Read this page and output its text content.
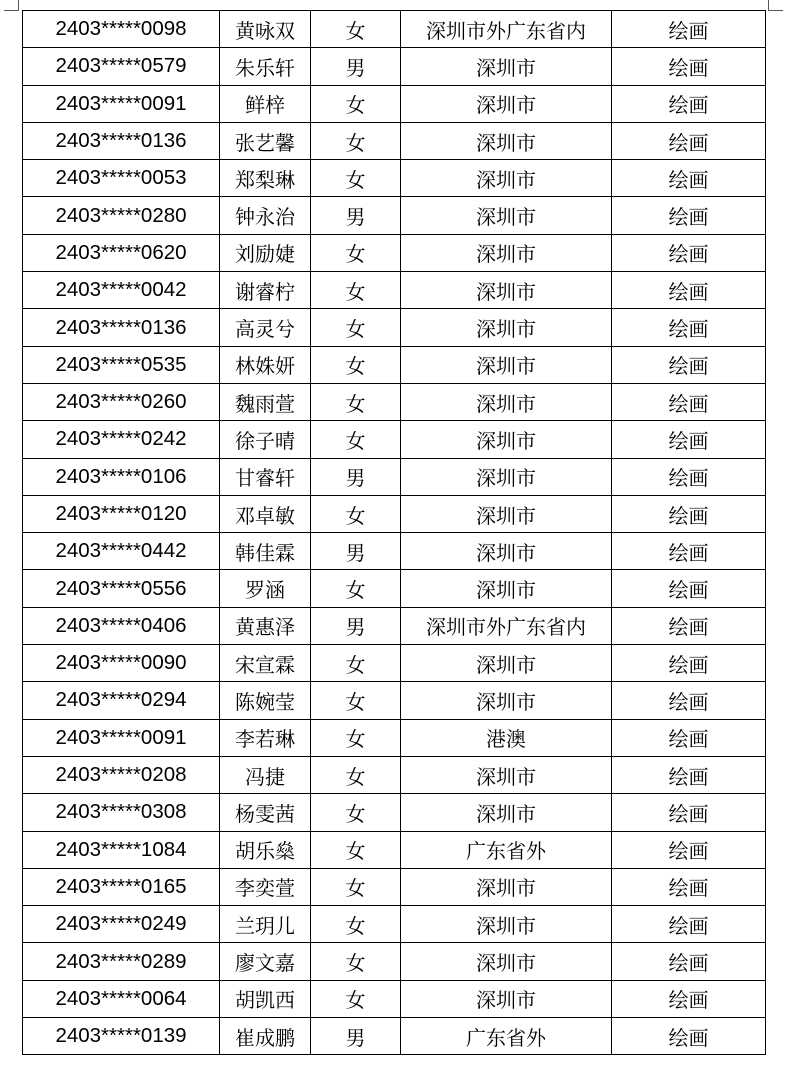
2403*****0098	黄咏双	女	深圳市外广东省内	绘画
2403*****0579	朱乐轩	男	深圳市	绘画
2403*****0091	鲜梓	女	深圳市	绘画
2403*****0136	张艺馨	女	深圳市	绘画
2403*****0053	郑梨琳	女	深圳市	绘画
2403*****0280	钟永治	男	深圳市	绘画
2403*****0620	刘励婕	女	深圳市	绘画
2403*****0042	谢睿柠	女	深圳市	绘画
2403*****0136	高灵兮	女	深圳市	绘画
2403*****0535	林姝妍	女	深圳市	绘画
2403*****0260	魏雨萱	女	深圳市	绘画
2403*****0242	徐子晴	女	深圳市	绘画
2403*****0106	甘睿轩	男	深圳市	绘画
2403*****0120	邓卓敏	女	深圳市	绘画
2403*****0442	韩佳霖	男	深圳市	绘画
2403*****0556	罗涵	女	深圳市	绘画
2403*****0406	黄惠泽	男	深圳市外广东省内	绘画
2403*****0090	宋宣霖	女	深圳市	绘画
2403*****0294	陈婉莹	女	深圳市	绘画
2403*****0091	李若琳	女	港澳	绘画
2403*****0208	冯捷	女	深圳市	绘画
2403*****0308	杨雯茜	女	深圳市	绘画
2403*****1084	胡乐燊	女	广东省外	绘画
2403*****0165	李奕萱	女	深圳市	绘画
2403*****0249	兰玥儿	女	深圳市	绘画
2403*****0289	廖文嘉	女	深圳市	绘画
2403*****0064	胡凯西	女	深圳市	绘画
2403*****0139	崔成鹏	男	广东省外	绘画
